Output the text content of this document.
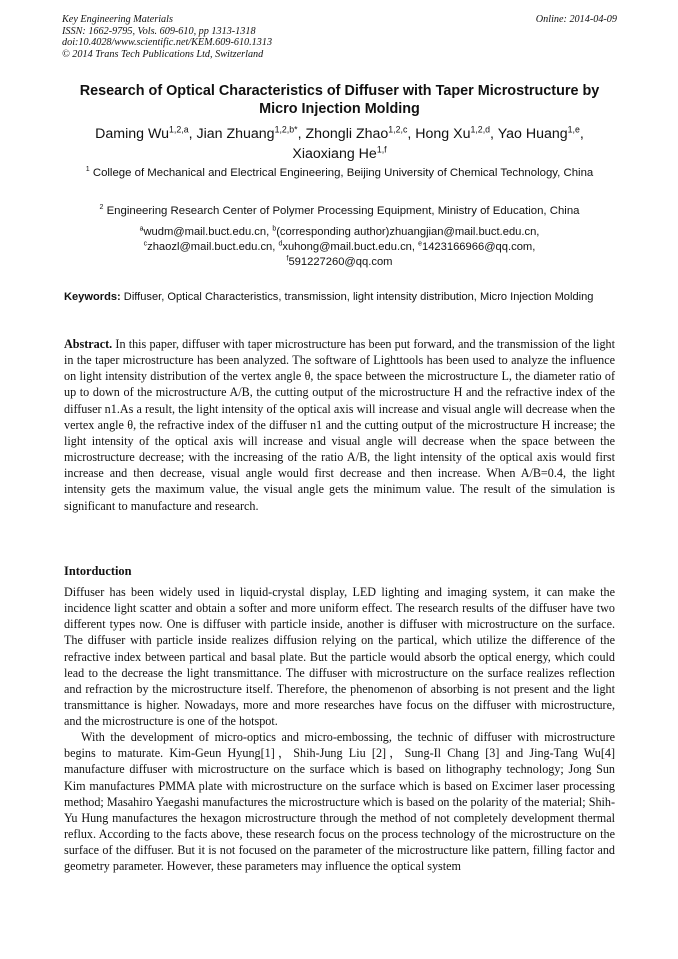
Key Engineering Materials
ISSN: 1662-9795, Vols. 609-610, pp 1313-1318
doi:10.4028/www.scientific.net/KEM.609-610.1313
© 2014 Trans Tech Publications Ltd, Switzerland
Online: 2014-04-09
Research of Optical Characteristics of Diffuser with Taper Microstructure by Micro Injection Molding
Daming Wu$^{1,2,a}$, Jian Zhuang$^{1,2,b*}$, Zhongli Zhao$^{1,2,c}$, Hong Xu$^{1,2,d}$, Yao Huang$^{1,e}$,
Xiaoxiang He$^{1,f}$
$^1$ College of Mechanical and Electrical Engineering, Beijing University of Chemical Technology, China
$^2$ Engineering Research Center of Polymer Processing Equipment, Ministry of Education, China
$^a$wudm@mail.buct.edu.cn, $^b$(corresponding author)zhuangjian@mail.buct.edu.cn,
$^c$zhaozl@mail.buct.edu.cn, $^d$xuhong@mail.buct.edu.cn, $^e$1423166966@qq.com,
$^f$591227260@qq.com
Keywords: Diffuser, Optical Characteristics, transmission, light intensity distribution, Micro Injection Molding
Abstract. In this paper, diffuser with taper microstructure has been put forward, and the transmission of the light in the taper microstructure has been analyzed. The software of Lighttools has been used to analyze the influence on light intensity distribution of the vertex angle θ, the space between the microstructure L, the diameter ratio of up to down of the microstructure A/B, the cutting output of the microstructure H and the refractive index of the diffuser n1.As a result, the light intensity of the optical axis will increase and visual angle will decrease when the vertex angle θ, the refractive index of the diffuser n1 and the cutting output of the microstructure H increase; the light intensity of the optical axis will increase and visual angle will decrease when the space between the microstructure decrease; with the increasing of the ratio A/B, the light intensity of the optical axis would first increase and then decrease, visual angle would first decrease and then increase. When A/B=0.4, the light intensity gets the maximum value, the visual angle gets the minimum value. The result of the simulation is significant to manufacture and research.
Intorduction

Diffuser has been widely used in liquid-crystal display, LED lighting and imaging system, it can make the incidence light scatter and obtain a softer and more uniform effect. The research results of the diffuser have two different types now. One is diffuser with particle inside, another is diffuser with microstructure on the surface. The diffuser with particle inside realizes diffusion relying on the partical, which utilize the difference of the refractive index between partical and basal plate. But the particle would absorb the optical energy, which could lead to the decrease the light transmittance. The diffuser with microstructure on the surface realizes reflection and refraction by the microstructure itself. Therefore, the phenomenon of absorbing is not present and the light transmittance is higher. Nowadays, more and more researches have focus on the diffuser with microstructure, and the microstructure is one of the hotspot.

With the development of micro-optics and micro-embossing, the technic of diffuser with microstructure begins to maturate. Kim-Geun Hyung[1]，Shih-Jung Liu [2]，Sung-Il Chang [3] and Jing-Tang Wu[4] manufacture diffuser with microstructure on the surface which is based on lithography technology; Jong Sun Kim manufactures PMMA plate with microstructure on the surface which is based on Excimer laser processing method; Masahiro Yaegashi manufactures the microstructure which is based on the polarity of the material; Shih-Yu Hung manufactures the hexagon microstructure through the method of not completely development thermal reflux. According to the facts above, these research focus on the process technology of the microstructure on the surface of the diffuser. But it is not focused on the parameter of the microstructure like pattern, filling factor and geometry parameter. However, these parameters may influence the optical system
